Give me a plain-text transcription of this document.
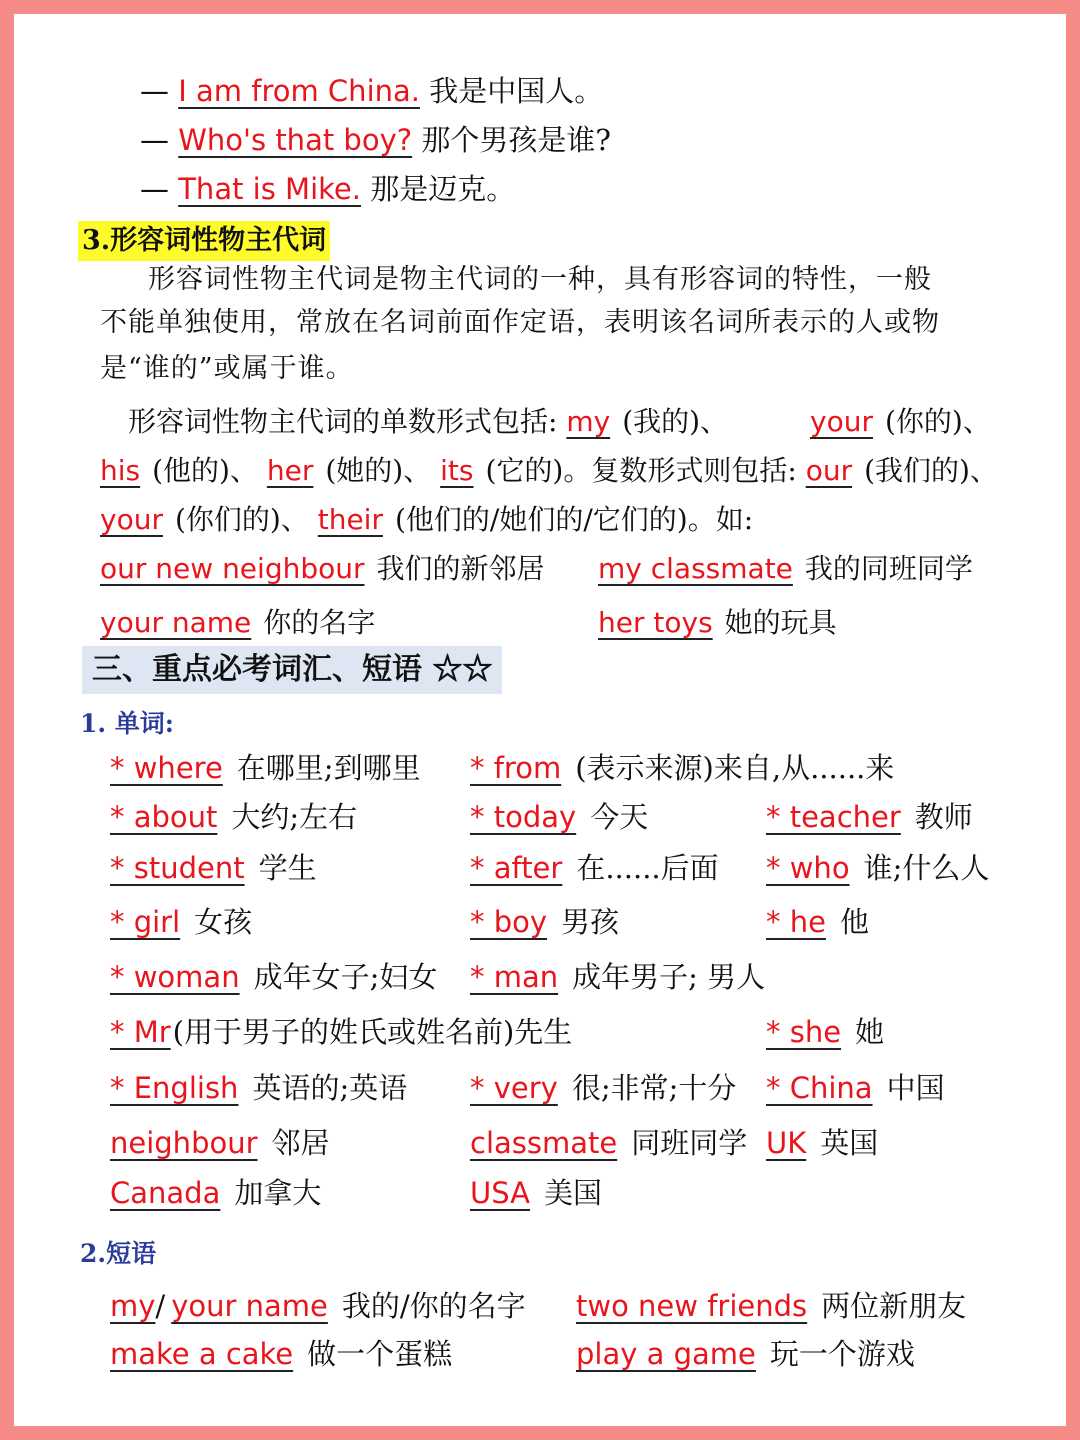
— I am from China. 我是中国人。
— Who's that boy? 那个男孩是谁?
— That is Mike. 那是迈克。
3.形容词性物主代词
形容词性物主代词是物主代词的一种，具有形容词的特性，一般
不能单独使用，常放在名词前面作定语，表明该名词所表示的人或物
是“谁的”或属于谁。
形容词性物主代词的单数形式包括: my (我的)、	your (你的)、
his (他的)、 her (她的)、 its (它的)。复数形式则包括: our (我们的)、
your (你们的)、 their (他们的/她们的/它们的)。如:
our new neighbour 我们的新邻居 my classmate 我的同班同学
your name 你的名字	her toys 她的玩具
三、重点必考词汇、短语 ☆☆
1. 单词:
* where 在哪里;到哪里 * from (表示来源)来自,从......来
* about 大约;左右	* today 今天	* teacher 教师
* student 学生	* after 在......后面 * who 谁;什么人
* girl 女孩	* boy 男孩	* he 他
* woman 成年女子;妇女 * man 成年男子; 男人
* Mr(用于男子的姓氏或姓名前)先生	* she 她
* English 英语的;英语 * very 很;非常;十分 * China 中国
neighbour 邻居	classmate 同班同学 UK 英国
Canada 加拿大	USA 美国
2.短语
my/ your name 我的/你的名字 two new friends 两位新朋友
make a cake 做一个蛋糕	play a game 玩一个游戏
